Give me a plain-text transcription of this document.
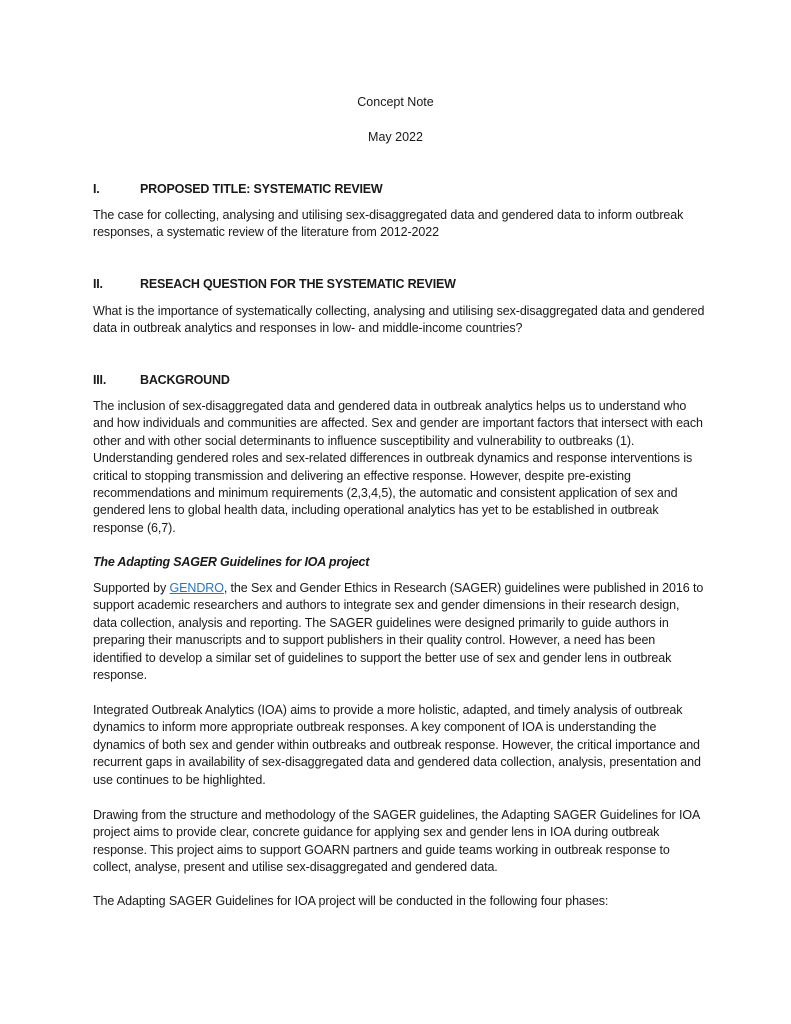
Concept Note
May 2022
I.	PROPOSED TITLE: SYSTEMATIC REVIEW
The case for collecting, analysing and utilising sex-disaggregated data and gendered data to inform outbreak responses, a systematic review of the literature from 2012-2022
II.	RESEACH QUESTION FOR THE SYSTEMATIC REVIEW
What is the importance of systematically collecting, analysing and utilising sex-disaggregated data and gendered data in outbreak analytics and responses in low- and middle-income countries?
III.	BACKGROUND
The inclusion of sex-disaggregated data and gendered data in outbreak analytics helps us to understand who and how individuals and communities are affected. Sex and gender are important factors that intersect with each other and with other social determinants to influence susceptibility and vulnerability to outbreaks (1). Understanding gendered roles and sex-related differences in outbreak dynamics and response interventions is critical to stopping transmission and delivering an effective response. However, despite pre-existing recommendations and minimum requirements (2,3,4,5), the automatic and consistent application of sex and gendered lens to global health data, including operational analytics has yet to be established in outbreak response (6,7).
The Adapting SAGER Guidelines for IOA project
Supported by GENDRO, the Sex and Gender Ethics in Research (SAGER) guidelines were published in 2016 to support academic researchers and authors to integrate sex and gender dimensions in their research design, data collection, analysis and reporting. The SAGER guidelines were designed primarily to guide authors in preparing their manuscripts and to support publishers in their quality control. However, a need has been identified to develop a similar set of guidelines to support the better use of sex and gender lens in outbreak response.
Integrated Outbreak Analytics (IOA) aims to provide a more holistic, adapted, and timely analysis of outbreak dynamics to inform more appropriate outbreak responses. A key component of IOA is understanding the dynamics of both sex and gender within outbreaks and outbreak response. However, the critical importance and recurrent gaps in availability of sex-disaggregated data and gendered data collection, analysis, presentation and use continues to be highlighted.
Drawing from the structure and methodology of the SAGER guidelines, the Adapting SAGER Guidelines for IOA project aims to provide clear, concrete guidance for applying sex and gender lens in IOA during outbreak response. This project aims to support GOARN partners and guide teams working in outbreak response to collect, analyse, present and utilise sex-disaggregated and gendered data.
The Adapting SAGER Guidelines for IOA project will be conducted in the following four phases:
